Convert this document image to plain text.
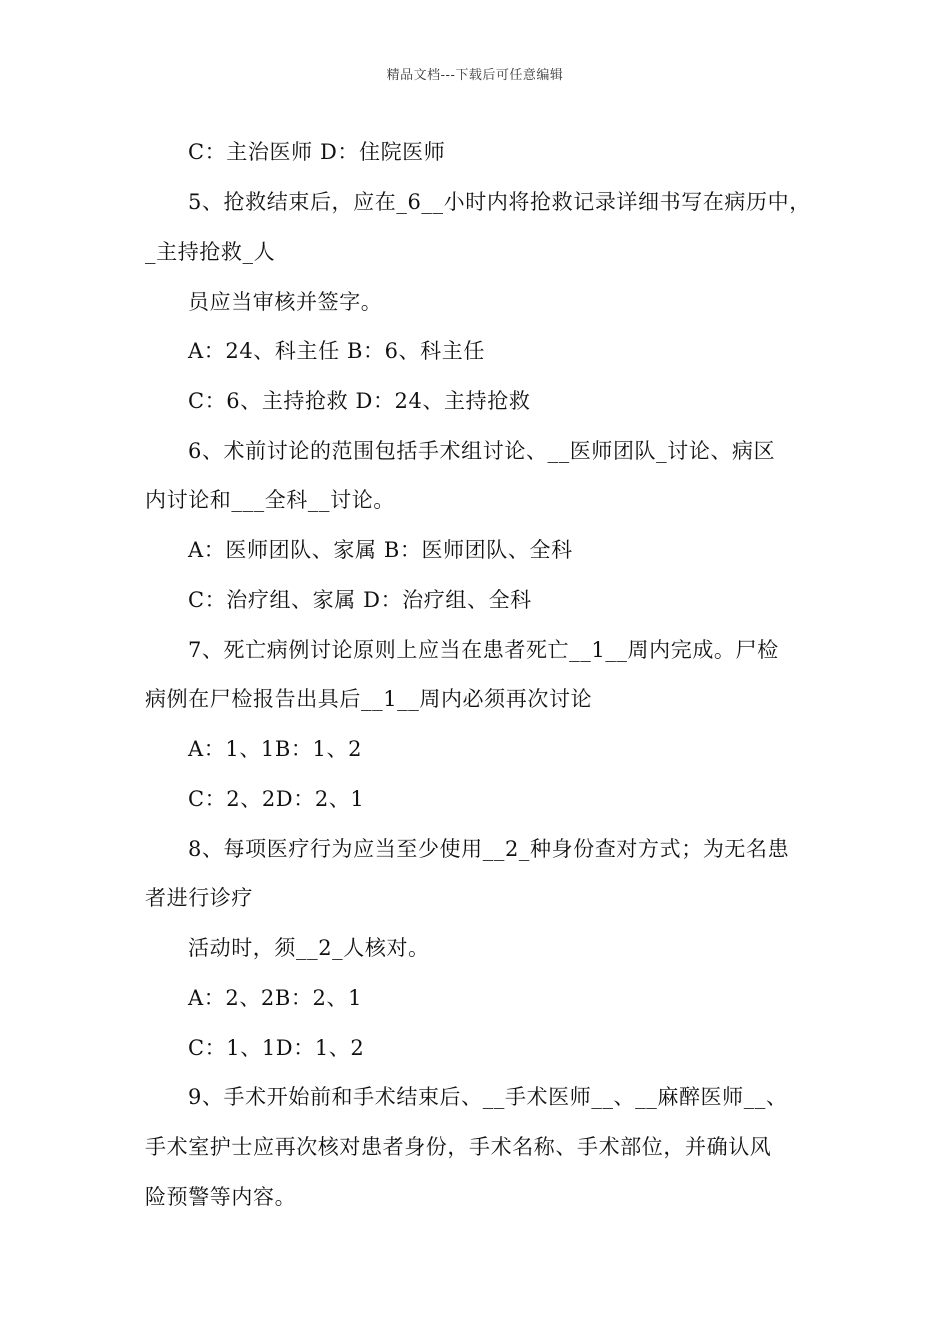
精品文档---下载后可任意编辑
C：主治医师 D：住院医师
5、抢救结束后，应在_6__小时内将抢救记录详细书写在病历中，
_主持抢救_人
员应当审核并签字。
A：24、科主任 B：6、科主任
C：6、主持抢救 D：24、主持抢救
6、术前讨论的范围包括手术组讨论、__医师团队_讨论、病区
内讨论和___全科__讨论。
A：医师团队、家属 B：医师团队、全科
C：治疗组、家属 D：治疗组、全科
7、死亡病例讨论原则上应当在患者死亡__1__周内完成。尸检
病例在尸检报告出具后__1__周内必须再次讨论
A：1、1B：1、2
C：2、2D：2、1
8、每项医疗行为应当至少使用__2_种身份查对方式；为无名患
者进行诊疗
活动时，须__2_人核对。
A：2、2B：2、1
C：1、1D：1、2
9、手术开始前和手术结束后、__手术医师__、__麻醉医师__、
手术室护士应再次核对患者身份，手术名称、手术部位，并确认风
险预警等内容。
